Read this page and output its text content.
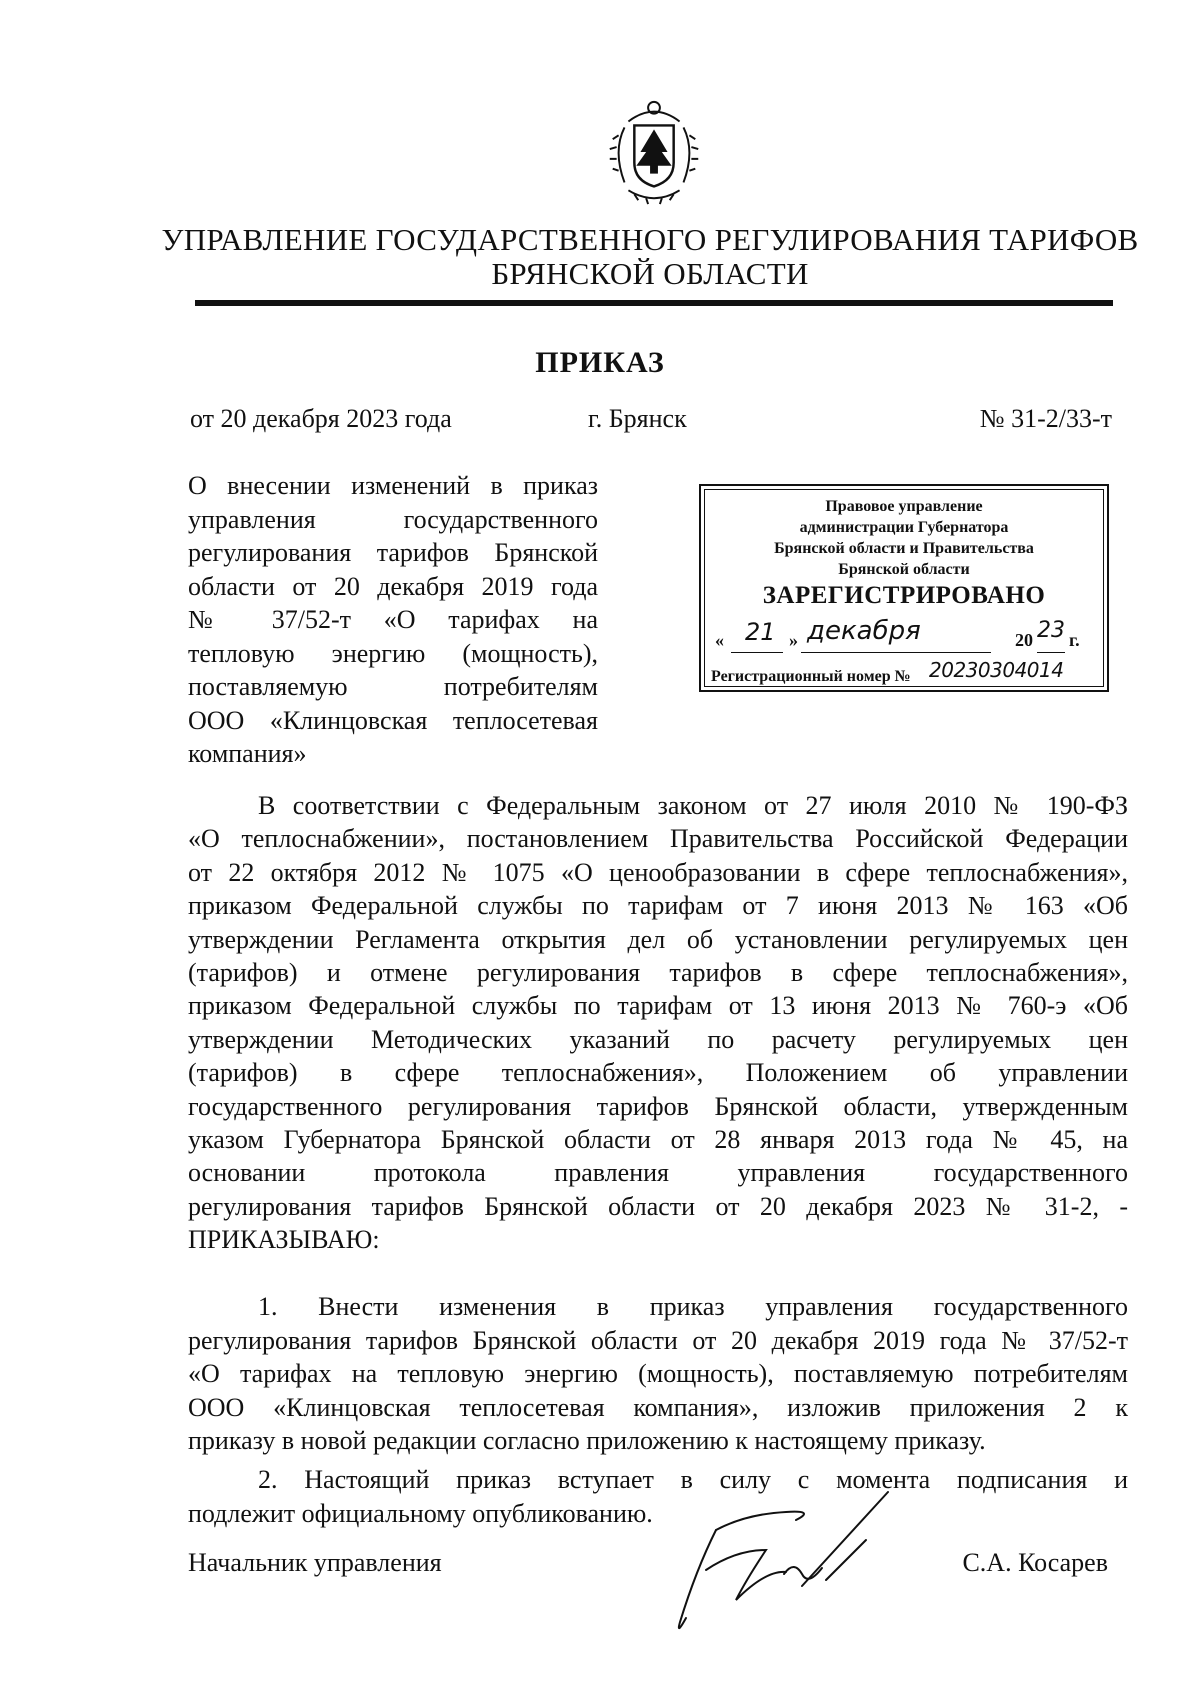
УПРАВЛЕНИЕ ГОСУДАРСТВЕННОГО РЕГУЛИРОВАНИЯ ТАРИФОВ
БРЯНСКОЙ ОБЛАСТИ
ПРИКАЗ
от 20 декабря 2023 года	г. Брянск	№ 31-2/33-т
О внесении изменений в приказ
управления государственного
регулирования тарифов Брянской
области от 20 декабря 2019 года
№ 37/52-т «О тарифах на
тепловую энергию (мощность),
поставляемую потребителям
ООО «Клинцовская теплосетевая
компания»
Правовое управление
администрации Губернатора
Брянской области и Правительства
Брянской области
ЗАРЕГИСТРИРОВАНО
« 21 » декабря	20 23 г.
Регистрационный номер № 20230304014
В соответствии с Федеральным законом от 27 июля 2010 № 190-ФЗ
«О теплоснабжении», постановлением Правительства Российской Федерации
от 22 октября 2012 № 1075 «О ценообразовании в сфере теплоснабжения»,
приказом Федеральной службы по тарифам от 7 июня 2013 № 163 «Об
утверждении Регламента открытия дел об установлении регулируемых цен
(тарифов) и отмене регулирования тарифов в сфере теплоснабжения»,
приказом Федеральной службы по тарифам от 13 июня 2013 № 760-э «Об
утверждении Методических указаний по расчету регулируемых цен
(тарифов) в сфере теплоснабжения», Положением об управлении
государственного регулирования тарифов Брянской области, утвержденным
указом Губернатора Брянской области от 28 января 2013 года № 45, на
основании протокола правления управления государственного
регулирования тарифов Брянской области от 20 декабря 2023 № 31-2, -
ПРИКАЗЫВАЮ:
1. Внести изменения в приказ управления государственного
регулирования тарифов Брянской области от 20 декабря 2019 года № 37/52-т
«О тарифах на тепловую энергию (мощность), поставляемую потребителям
ООО «Клинцовская теплосетевая компания», изложив приложения 2 к
приказу в новой редакции согласно приложению к настоящему приказу.
2. Настоящий приказ вступает в силу с момента подписания и
подлежит официальному опубликованию.
Начальник управления	С.А. Косарев
